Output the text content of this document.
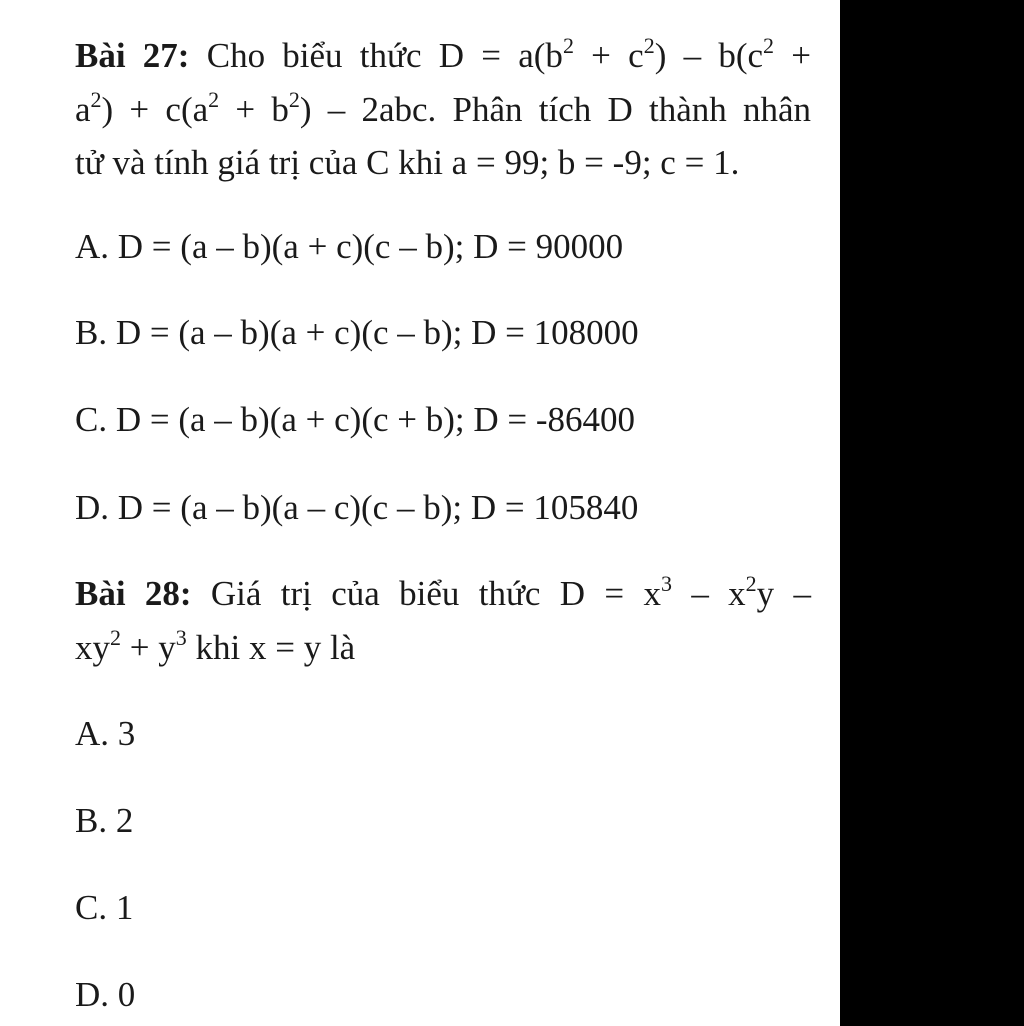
Bài 27: Cho biểu thức $D = a(b^2 + c^2) - b(c^2$ +
$a^2) + c(a^2 + b^2) - 2abc$. Phân tích D thành nhân
tử và tính giá trị của C khi a = 99; b = -9; c = 1.
A. D = (a – b)(a + c)(c – b); D = 90000
B. D = (a – b)(a + c)(c – b); D = 108000
C. D = (a – b)(a + c)(c + b); D = -86400
D. D = (a – b)(a – c)(c – b); D = 105840
Bài 28: Giá trị của biểu thức $D = x^3 - x^2y$ –
$xy^2 + y^3$ khi x = y là
A. 3
B. 2
C. 1
D. 0
